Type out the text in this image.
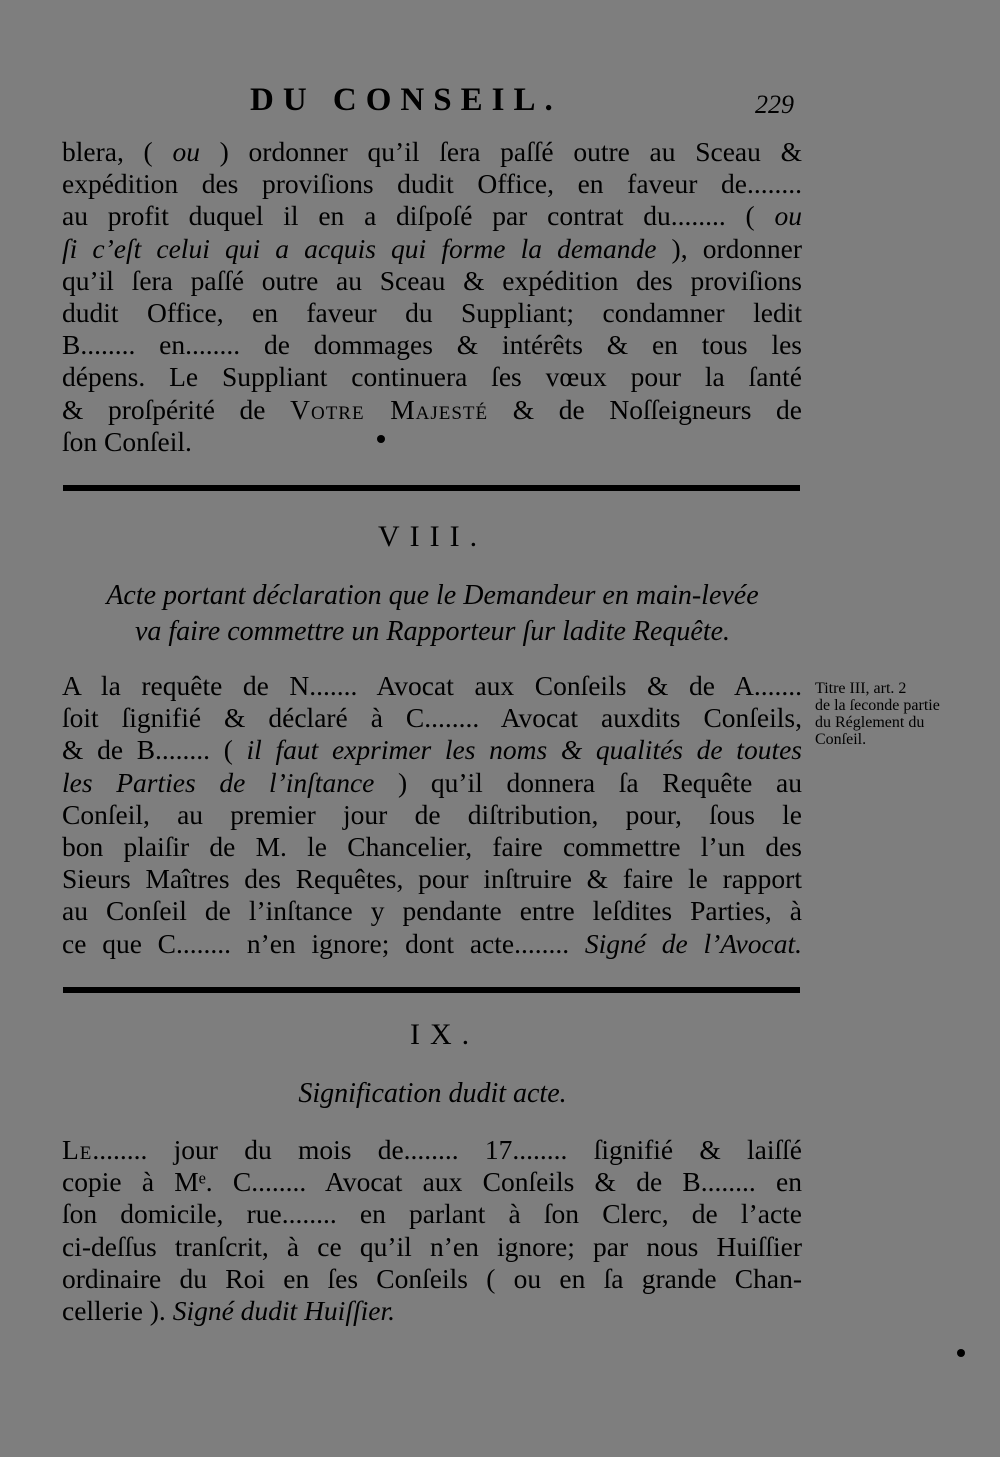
DU CONSEIL.	229
blera, ( ou ) ordonner qu’il ſera paſſé outre au Sceau &
expédition des proviſions dudit Office, en faveur de........
au profit duquel il en a diſpoſé par contrat du........ ( ou
ſi c’eſt celui qui a acquis qui forme la demande ), ordonner
qu’il ſera paſſé outre au Sceau & expédition des proviſions
dudit Office, en faveur du Suppliant; condamner ledit
B........ en........ de dommages & intérêts & en tous les
dépens. Le Suppliant continuera ſes vœux pour la ſanté
& proſpérité de Votre Majesté & de Noſſeigneurs de
ſon Conſeil.
VIII.
Acte portant déclaration que le Demandeur en main-levée
va faire commettre un Rapporteur ſur ladite Requête.
A la requête de N....... Avocat aux Conſeils & de A.......
ſoit ſignifié & déclaré à C........ Avocat auxdits Conſeils,
& de B........ ( il faut exprimer les noms & qualités de toutes
les Parties de l’inſtance ) qu’il donnera ſa Requête au
Conſeil, au premier jour de diſtribution, pour, ſous le
bon plaiſir de M. le Chancelier, faire commettre l’un des
Sieurs Maîtres des Requêtes, pour inſtruire & faire le rapport
au Conſeil de l’inſtance y pendante entre leſdites Parties, à
ce que C........ n’en ignore; dont acte........ Signé de l’Avocat.
Titre III, art. 2
de la ſeconde partie
du Réglement du
Conſeil.
IX.
Signification dudit acte.
Le........ jour du mois de........ 17........ ſignifié & laiſſé
copie à Mᵉ. C........ Avocat aux Conſeils & de B........ en
ſon domicile, rue........ en parlant à ſon Clerc, de l’acte
ci-deſſus tranſcrit, à ce qu’il n’en ignore; par nous Huiſſier
ordinaire du Roi en ſes Conſeils ( ou en ſa grande Chan-
cellerie ). Signé dudit Huiſſier.
